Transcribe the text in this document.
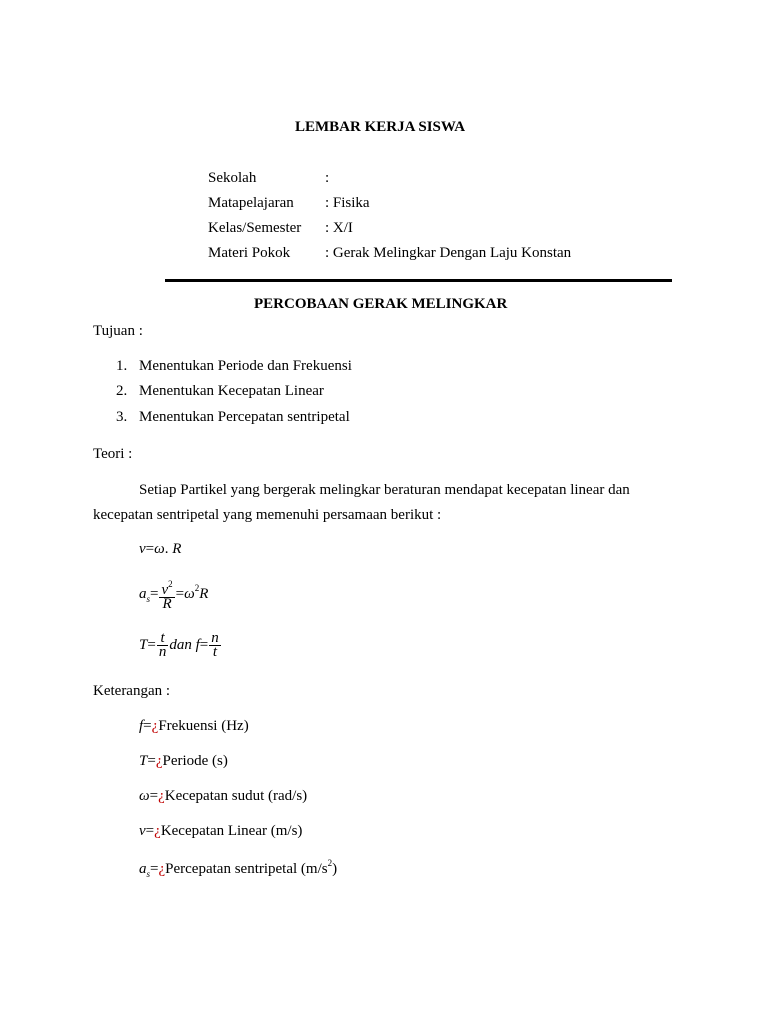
LEMBAR KERJA SISWA
Sekolah	:
Matapelajaran : Fisika
Kelas/Semester : X/I
Materi Pokok : Gerak Melingkar Dengan Laju Konstan
PERCOBAAN GERAK MELINGKAR
Tujuan :
1. Menentukan Periode dan Frekuensi
2. Menentukan Kecepatan Linear
3. Menentukan Percepatan sentripetal
Teori :
Setiap Partikel yang bergerak melingkar beraturan mendapat kecepatan linear dan
kecepatan sentripetal yang memenuhi persamaan berikut :
v=ω. R
$a_s= \frac{v^2}{R} =\omega^2R$
$T= \frac{t}{n}$ dan $f= \frac{n}{t}$
Keterangan :
f=¿Frekuensi (Hz)
T=¿Periode (s)
ω=¿Kecepatan sudut (rad/s)
v=¿Kecepatan Linear (m/s)
$a_s=¿Percepatan$ sentripetal $(m/s^2)$
